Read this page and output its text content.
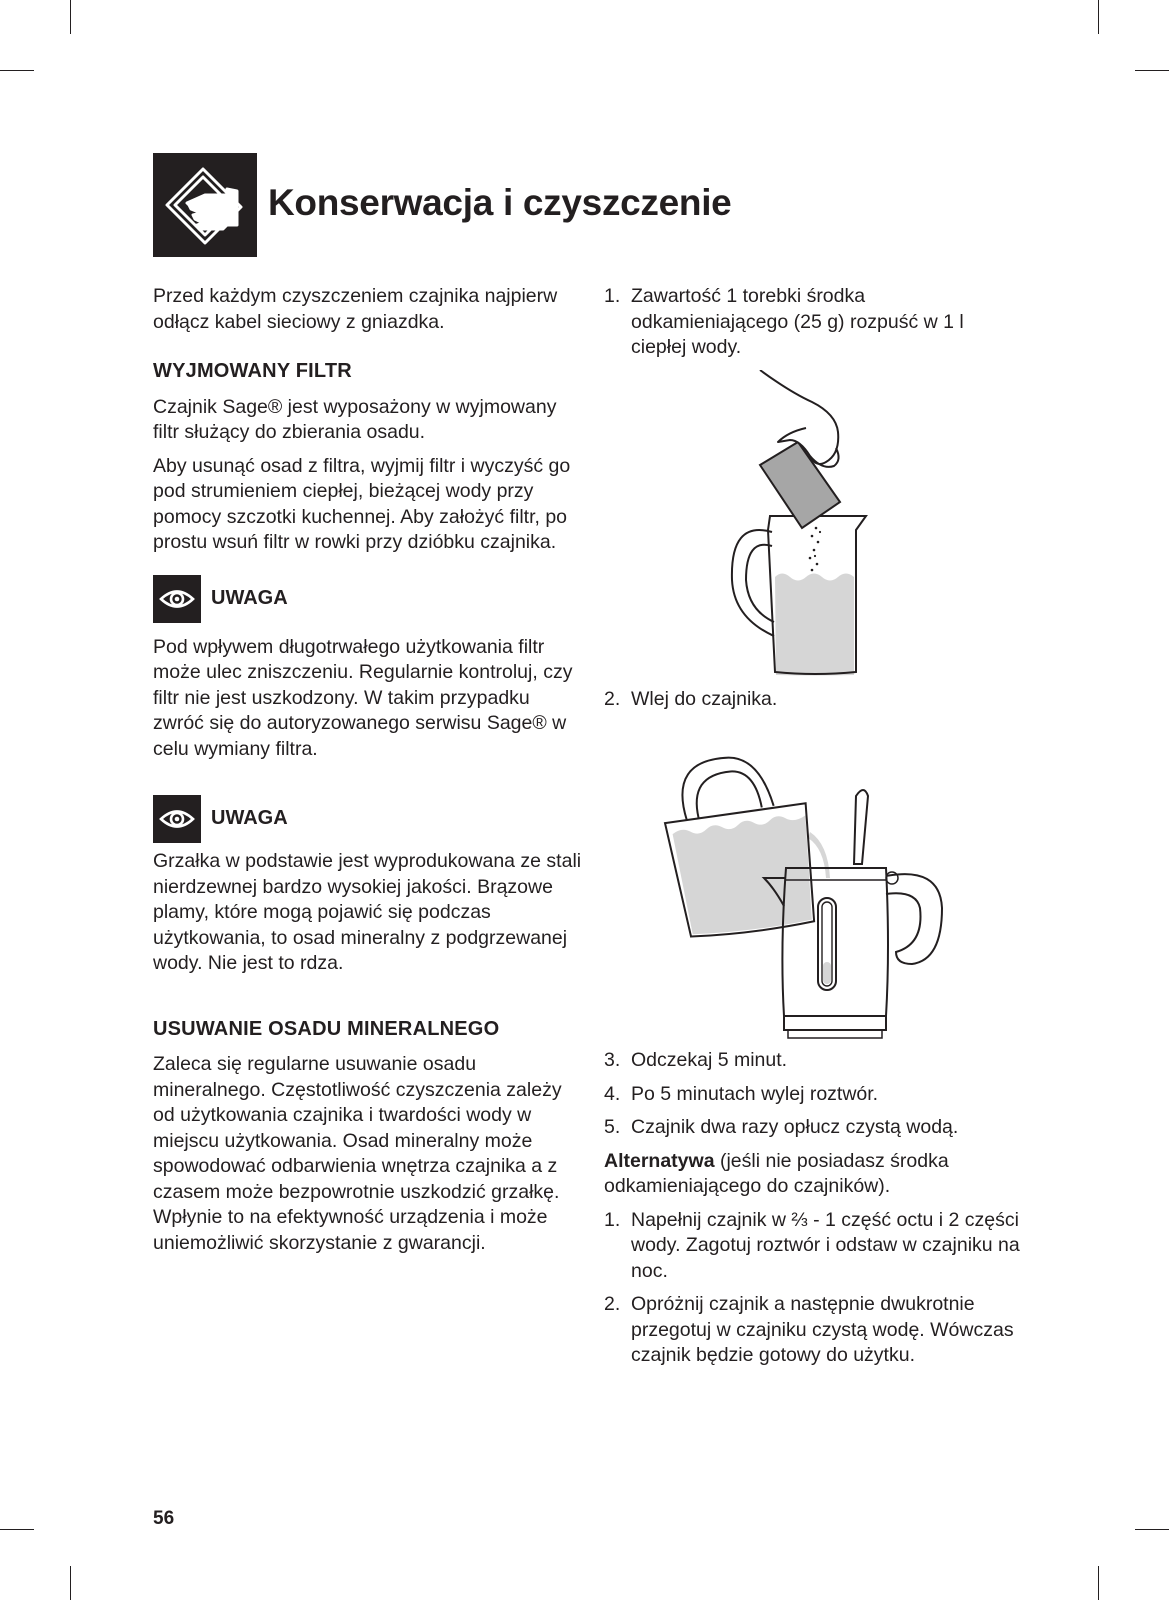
Konserwacja i czyszczenie

Przed każdym czyszczeniem czajnika najpierw odłącz kabel sieciowy z gniazdka.

WYJMOWANY FILTR

Czajnik Sage® jest wyposażony w wyjmowany filtr służący do zbierania osadu.

Aby usunąć osad z filtra, wyjmij filtr i wyczyść go pod strumieniem ciepłej, bieżącej wody przy pomocy szczotki kuchennej. Aby założyć filtr, po prostu wsuń filtr w rowki przy dzióbku czajnika.

UWAGA

Pod wpływem długotrwałego użytkowania filtr może ulec zniszczeniu. Regularnie kontroluj, czy filtr nie jest uszkodzony. W takim przypadku zwróć się do autoryzowanego serwisu Sage® w celu wymiany filtra.

UWAGA

Grzałka w podstawie jest wyprodukowana ze stali nierdzewnej bardzo wysokiej jakości. Brązowe plamy, które mogą pojawić się podczas użytkowania, to osad mineralny z podgrzewanej wody. Nie jest to rdza.

USUWANIE OSADU MINERALNEGO

Zaleca się regularne usuwanie osadu mineralnego. Częstotliwość czyszczenia zależy od użytkowania czajnika i twardości wody w miejscu użytkowania. Osad mineralny może spowodować odbarwienia wnętrza czajnika a z czasem może bezpowrotnie uszkodzić grzałkę. Wpłynie to na efektywność urządzenia i może uniemożliwić skorzystanie z gwarancji.

1. Zawartość 1 torebki środka odkamieniającego (25 g) rozpuść w 1 l ciepłej wody.
2. Wlej do czajnika.
3. Odczekaj 5 minut.
4. Po 5 minutach wylej roztwór.
5. Czajnik dwa razy opłucz czystą wodą.

Alternatywa (jeśli nie posiadasz środka odkamieniającego do czajników).

1. Napełnij czajnik w ⅔ - 1 część octu i 2 części wody. Zagotuj roztwór i odstaw w czajniku na noc.
2. Opróżnij czajnik a następnie dwukrotnie przegotuj w czajniku czystą wodę. Wówczas czajnik będzie gotowy do użytku.

56
